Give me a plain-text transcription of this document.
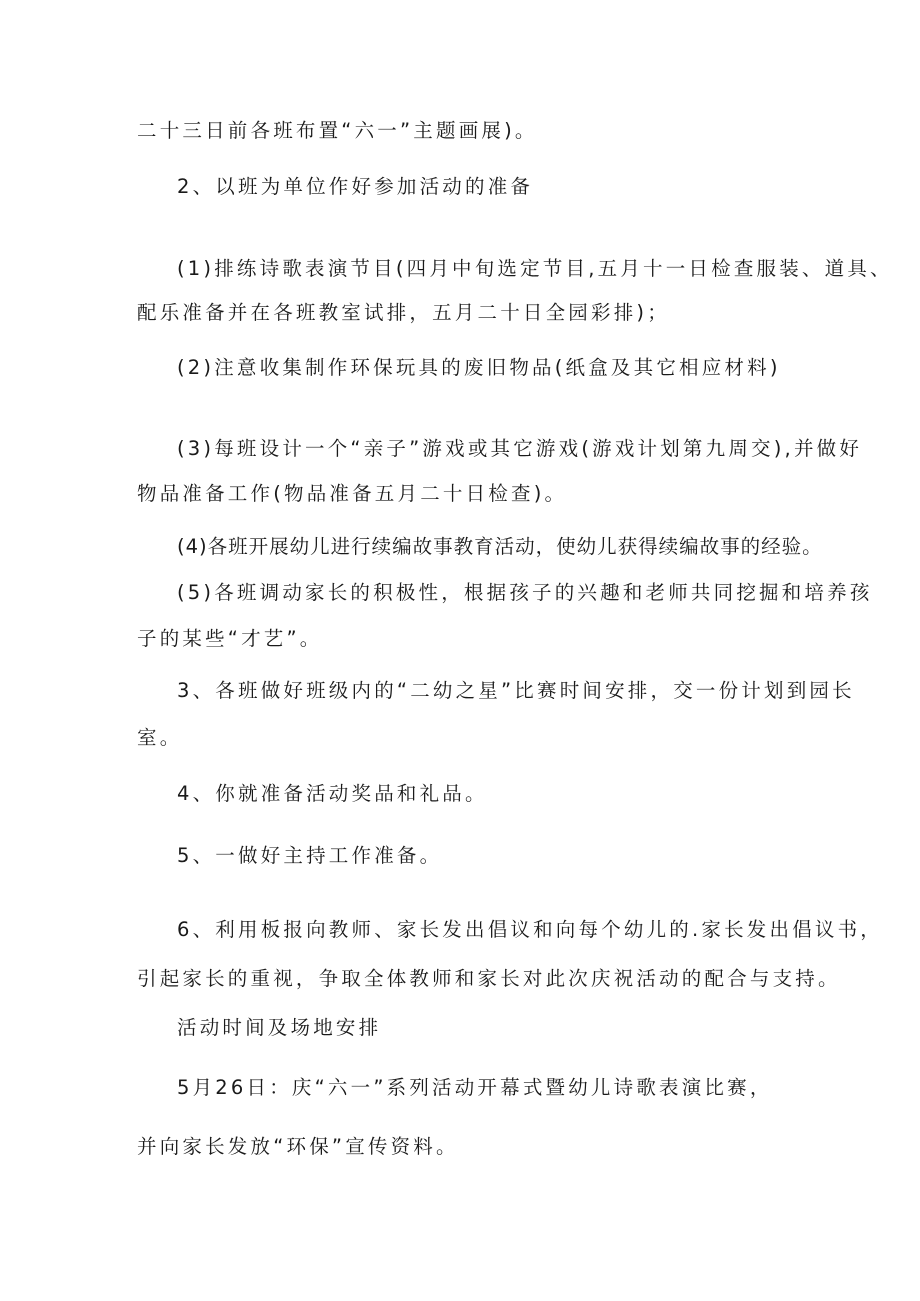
二十三日前各班布置“六一”主题画展)。
2、以班为单位作好参加活动的准备
(1)排练诗歌表演节目(四月中旬选定节目,五月十一日检查服装、道具、
配乐准备并在各班教室试排，五月二十日全园彩排)；
(2)注意收集制作环保玩具的废旧物品(纸盒及其它相应材料)
(3)每班设计一个“亲子”游戏或其它游戏(游戏计划第九周交),并做好
物品准备工作(物品准备五月二十日检查)。
(4)各班开展幼儿进行续编故事教育活动，使幼儿获得续编故事的经验。
(5)各班调动家长的积极性，根据孩子的兴趣和老师共同挖掘和培养孩
子的某些“才艺”。
3、各班做好班级内的“二幼之星”比赛时间安排，交一份计划到园长
室。
4、你就准备活动奖品和礼品。
5、一做好主持工作准备。
6、利用板报向教师、家长发出倡议和向每个幼儿的.家长发出倡议书，
引起家长的重视，争取全体教师和家长对此次庆祝活动的配合与支持。
活动时间及场地安排
5月26日：庆“六一”系列活动开幕式暨幼儿诗歌表演比赛，
并向家长发放“环保”宣传资料。
